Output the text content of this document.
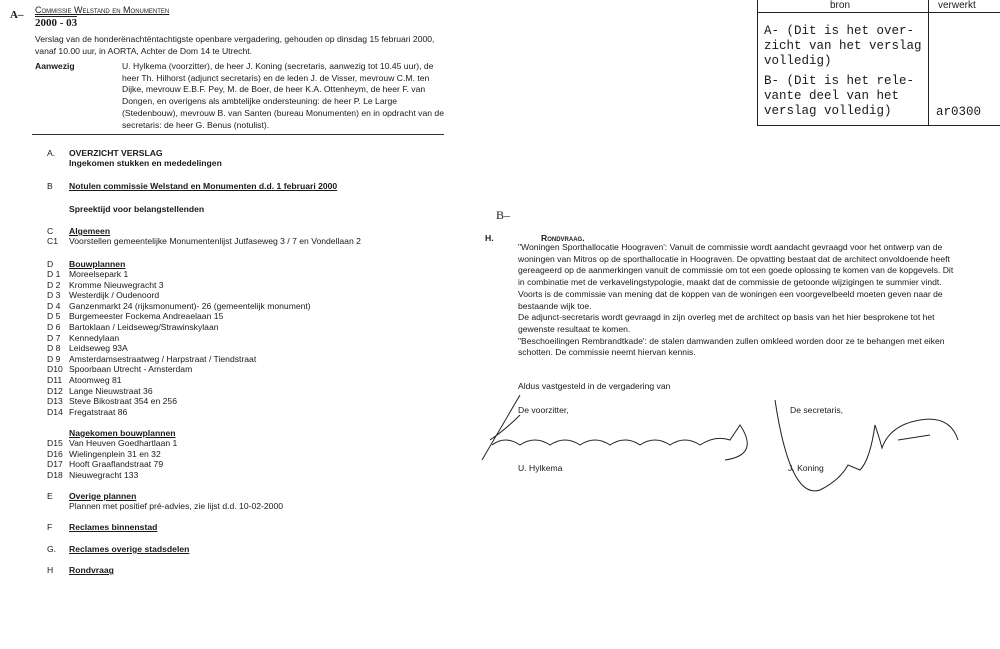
A– Commissie Welstand en Monumenten
2000 - 03
Verslag van de honderënachtëntachtigste openbare vergadering, gehouden op dinsdag 15 februari 2000, vanaf 10.00 uur, in AORTA, Achter de Dom 14 te Utrecht.
Aanwezig	U. Hylkema (voorzitter), de heer J. Koning (secretaris, aanwezig tot 10.45 uur), de heer Th. Hilhorst (adjunct secretaris) en de leden J. de Visser, mevrouw C.M. ten Dijke, mevrouw E.B.F. Pey, M. de Boer, de heer K.A. Ottenheym, de heer F. van Dongen, en overigens als ambtelijke ondersteuning: de heer P. Le Large (Stedenbouw), mevrouw B. van Santen (bureau Monumenten) en in opdracht van de secretaris: de heer G. Benus (notulist).
A.	OVERZICHT VERSLAG
Ingekomen stukken en mededelingen
B	Notulen commissie Welstand en Monumenten d.d. 1 februari 2000
Spreektijd voor belangstellenden
C	Algemeen
C1	Voorstellen gemeentelijke Monumentenlijst Jutfaseweg 3 / 7 en Vondellaan 2
D	Bouwplannen
D 1	Moreelsepark 1
D 2	Kromme Nieuwegracht 3
D 3	Westerdijk / Oudenoord
D 4	Ganzenmarkt 24 (rijksmonument)- 26 (gemeentelijk monument)
D 5	Burgemeester Fockema Andreaelaan 15
D 6	Bartoklaan / Leidseweg/Strawinskylaan
D 7	Kennedylaan
D 8	Leidseweg 93A
D 9	Amsterdamsestraatweg / Harpstraat / Tiendstraat
D10 Spoorbaan Utrecht - Amsterdam
D11 Atoomweg 81
D12 Lange Nieuwstraat 36
D13 Steve Bikostraat 354 en 256
D14 Fregatstraat 86
Nagekomen bouwplannen
D15 Van Heuven Goedhartlaan 1
D16 Wielingenplein 31 en 32
D17 Hooft Graaflandstraat 79
D18 Nieuwegracht 133
E	Overige plannen
Plannen met positief pré-advies, zie lijst d.d. 10-02-2000
F	Reclames binnenstad
G.	Reclames overige stadsdelen
H	Rondvraag
bron	verwerkt
A- (Dit is het over-zicht van het verslag volledig)
B- (Dit is het rele-vante deel van het verslag volledig)	ar0300
B–
H.	Rondvraag.
"Woningen Sporthallocatie Hoograven': Vanuit de commissie wordt aandacht gevraagd voor het ontwerp van de woningen van Mitros op de sporthallocatie in Hoograven. De opvatting bestaat dat de architect onvoldoende heeft gereageerd op de aanmerkingen vanuit de commissie om tot een goede oplossing te komen van de kopgevels. Dit in combinatie met de verkavelingstypologie, maakt dat de commissie de getoonde wijzigingen te summier vindt. Voorts is de commissie van mening dat de koppen van de woningen een voorgevelbeeld moeten geven naar de bestaande wijk toe.
De adjunct-secretaris wordt gevraagd in zijn overleg met de architect op basis van het hier besprokene tot het gewenste resultaat te komen.
"Beschoeilingen Rembrandtkade': de stalen damwanden zullen omkleed worden door ze te behangen met eiken schotten. De commissie neemt hiervan kennis.
Aldus vastgesteld in de vergadering van
De voorzitter,
U. Hylkema
De secretaris,
J. Koning
